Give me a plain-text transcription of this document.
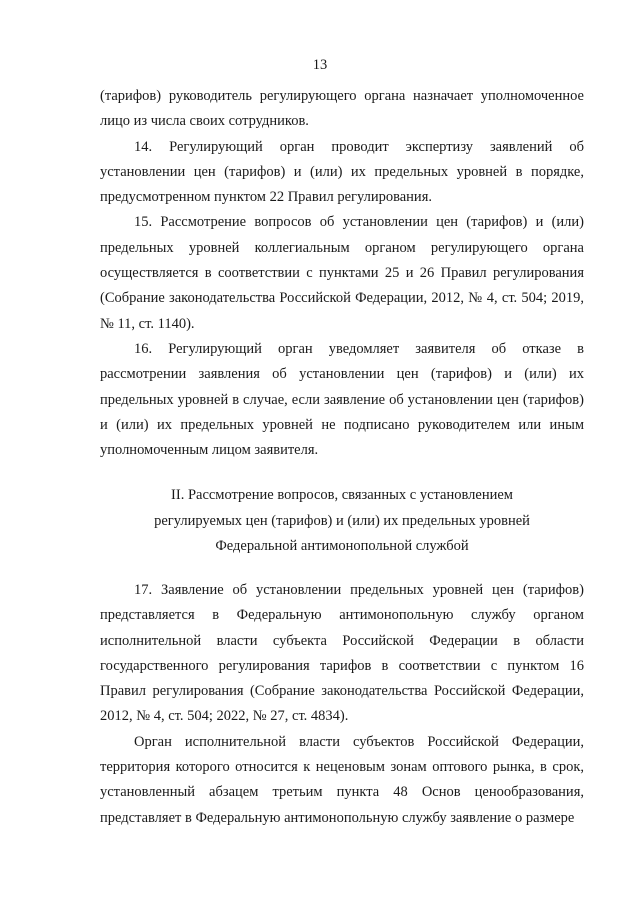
13

(тарифов) руководитель регулирующего органа назначает уполномоченное лицо из числа своих сотрудников.

14. Регулирующий орган проводит экспертизу заявлений об установлении цен (тарифов) и (или) их предельных уровней в порядке, предусмотренном пунктом 22 Правил регулирования.

15. Рассмотрение вопросов об установлении цен (тарифов) и (или) предельных уровней коллегиальным органом регулирующего органа осуществляется в соответствии с пунктами 25 и 26 Правил регулирования (Собрание законодательства Российской Федерации, 2012, № 4, ст. 504; 2019, № 11, ст. 1140).

16. Регулирующий орган уведомляет заявителя об отказе в рассмотрении заявления об установлении цен (тарифов) и (или) их предельных уровней в случае, если заявление об установлении цен (тарифов) и (или) их предельных уровней не подписано руководителем или иным уполномоченным лицом заявителя.

II. Рассмотрение вопросов, связанных с установлением
регулируемых цен (тарифов) и (или) их предельных уровней
Федеральной антимонопольной службой

17. Заявление об установлении предельных уровней цен (тарифов) представляется в Федеральную антимонопольную службу органом исполнительной власти субъекта Российской Федерации в области государственного регулирования тарифов в соответствии с пунктом 16 Правил регулирования (Собрание законодательства Российской Федерации, 2012, № 4, ст. 504; 2022, № 27, ст. 4834).

Орган исполнительной власти субъектов Российской Федерации, территория которого относится к неценовым зонам оптового рынка, в срок, установленный абзацем третьим пункта 48 Основ ценообразования, представляет в Федеральную антимонопольную службу заявление о размере
